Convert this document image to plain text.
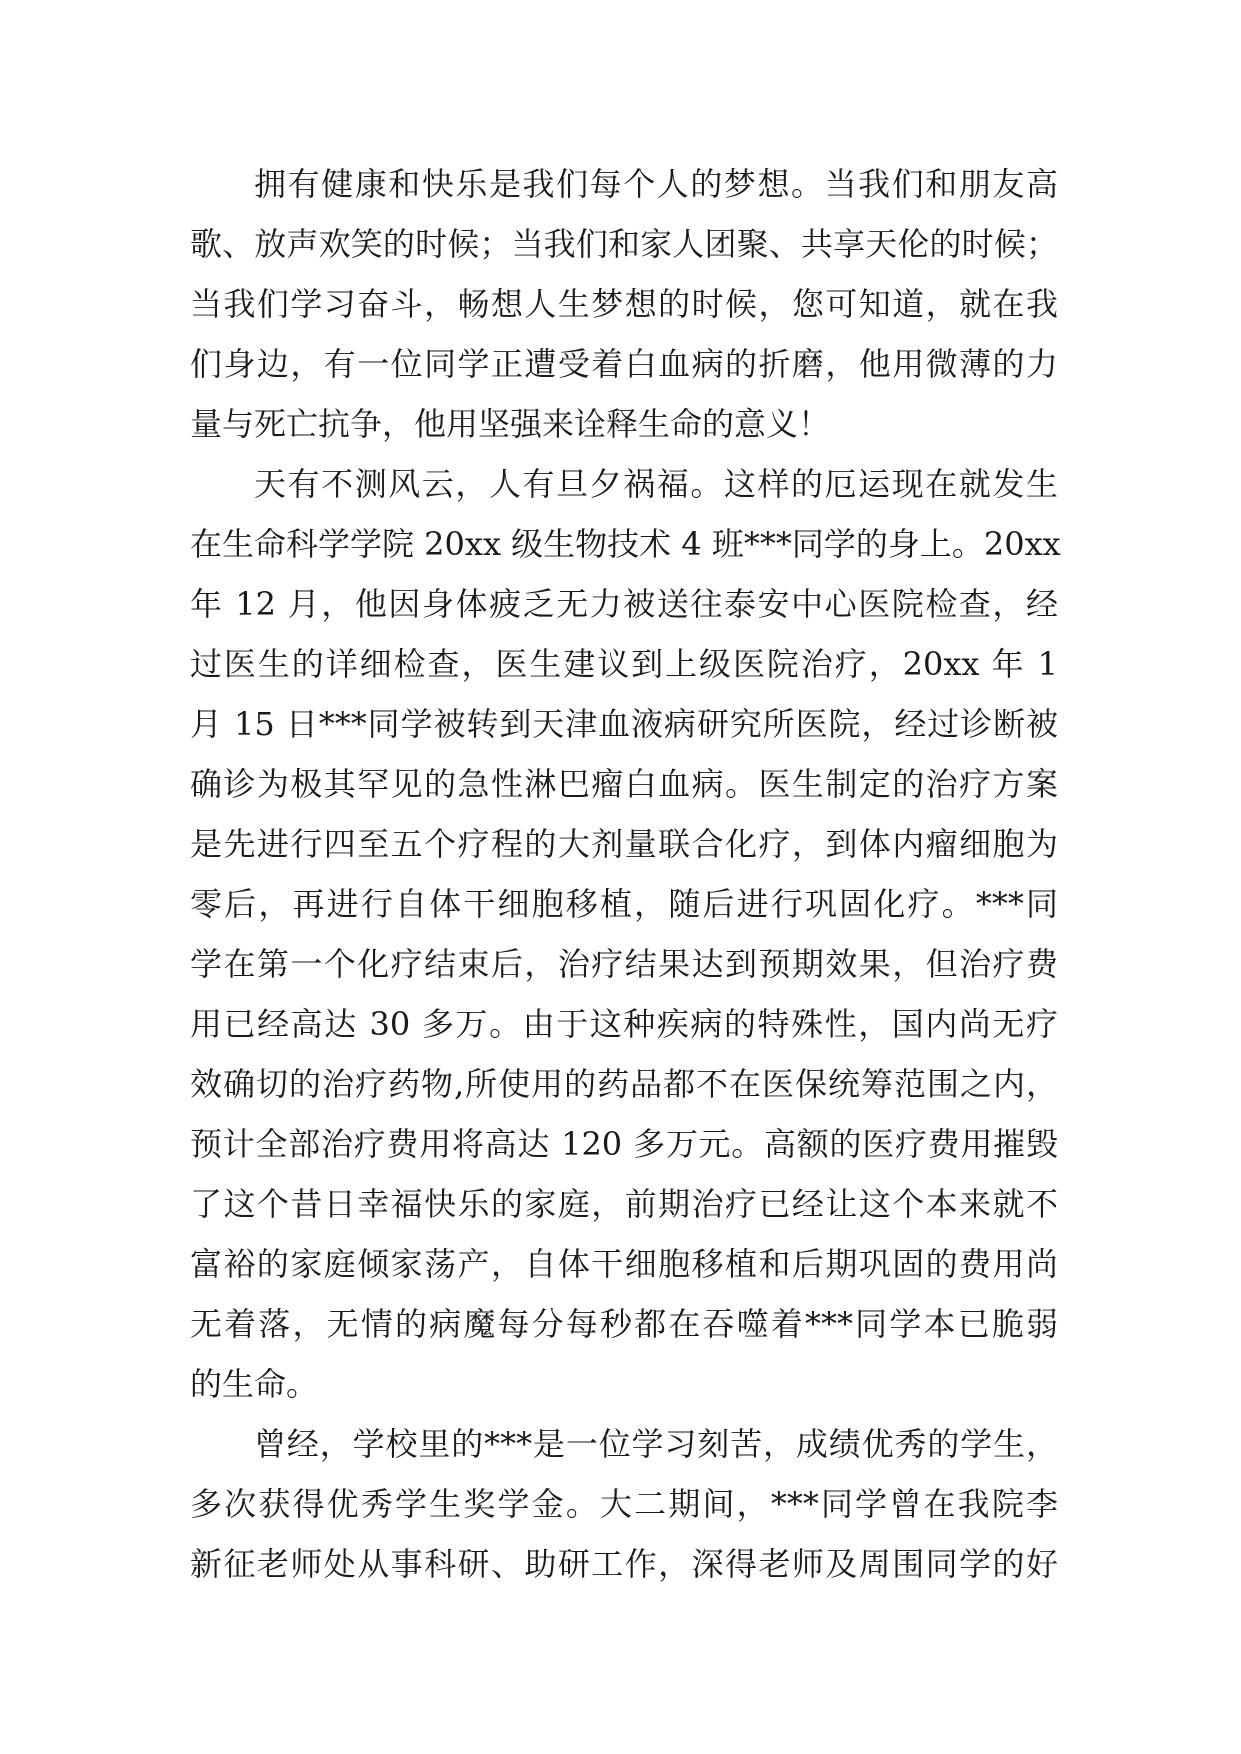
拥有健康和快乐是我们每个人的梦想。当我们和朋友高
歌、放声欢笑的时候；当我们和家人团聚、共享天伦的时候；
当我们学习奋斗，畅想人生梦想的时候，您可知道，就在我
们身边，有一位同学正遭受着白血病的折磨，他用微薄的力
量与死亡抗争，他用坚强来诠释生命的意义！
天有不测风云，人有旦夕祸福。这样的厄运现在就发生
在生命科学学院 20xx 级生物技术 4 班***同学的身上。20xx
年 12 月，他因身体疲乏无力被送往泰安中心医院检查，经
过医生的详细检查，医生建议到上级医院治疗，20xx 年 1
月 15 日***同学被转到天津血液病研究所医院，经过诊断被
确诊为极其罕见的急性淋巴瘤白血病。医生制定的治疗方案
是先进行四至五个疗程的大剂量联合化疗，到体内瘤细胞为
零后，再进行自体干细胞移植，随后进行巩固化疗。***同
学在第一个化疗结束后，治疗结果达到预期效果，但治疗费
用已经高达 30 多万。由于这种疾病的特殊性，国内尚无疗
效确切的治疗药物,所使用的药品都不在医保统筹范围之内，
预计全部治疗费用将高达 120 多万元。高额的医疗费用摧毁
了这个昔日幸福快乐的家庭，前期治疗已经让这个本来就不
富裕的家庭倾家荡产，自体干细胞移植和后期巩固的费用尚
无着落，无情的病魔每分每秒都在吞噬着***同学本已脆弱
的生命。
曾经，学校里的***是一位学习刻苦，成绩优秀的学生，
多次获得优秀学生奖学金。大二期间，***同学曾在我院李
新征老师处从事科研、助研工作，深得老师及周围同学的好
